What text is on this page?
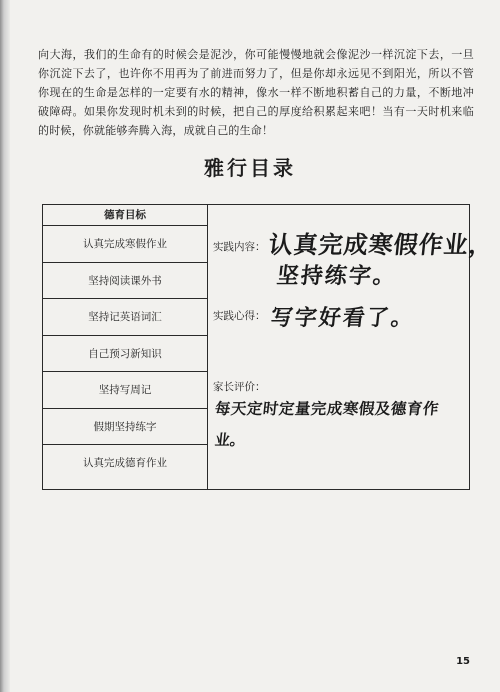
向大海，我们的生命有的时候会是泥沙，你可能慢慢地就会像泥沙一样沉淀下去，一旦你沉淀下去了，也许你不用再为了前进而努力了，但是你却永远见不到阳光，所以不管你现在的生命是怎样的一定要有水的精神，像水一样不断地积蓄自己的力量，不断地冲破障碍。如果你发现时机未到的时候，把自己的厚度给积累起来吧！当有一天时机来临的时候，你就能够奔腾入海，成就自己的生命！
雅行目录
德育目标
认真完成寒假作业
坚持阅读课外书
坚持记英语词汇
自己预习新知识
坚持写周记
假期坚持练字
认真完成德育作业
实践内容： 认真完成寒假作业，
坚持练字。
实践心得： 写字好看了。
家长评价：
每天定时定量完成寒假及德育作
业。
15
